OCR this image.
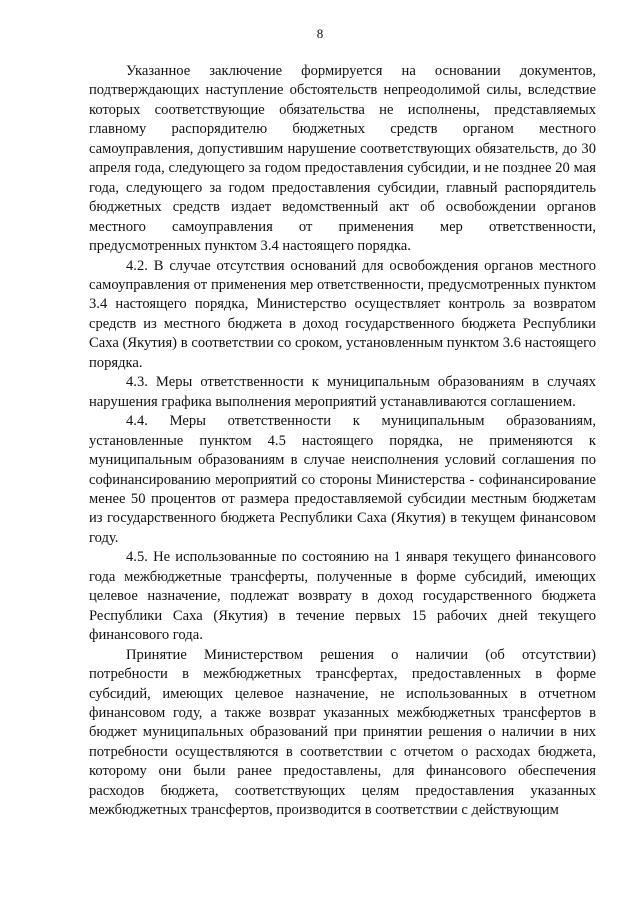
8

Указанное заключение формируется на основании документов, подтверждающих наступление обстоятельств непреодолимой силы, вследствие которых соответствующие обязательства не исполнены, представляемых главному распорядителю бюджетных средств органом местного самоуправления, допустившим нарушение соответствующих обязательств, до 30 апреля года, следующего за годом предоставления субсидии, и не позднее 20 мая года, следующего за годом предоставления субсидии, главный распорядитель бюджетных средств издает ведомственный акт об освобождении органов местного самоуправления от применения мер ответственности, предусмотренных пунктом 3.4 настоящего порядка.

4.2. В случае отсутствия оснований для освобождения органов местного самоуправления от применения мер ответственности, предусмотренных пунктом 3.4 настоящего порядка, Министерство осуществляет контроль за возвратом средств из местного бюджета в доход государственного бюджета Республики Саха (Якутия) в соответствии со сроком, установленным пунктом 3.6 настоящего порядка.

4.3. Меры ответственности к муниципальным образованиям в случаях нарушения графика выполнения мероприятий устанавливаются соглашением.

4.4. Меры ответственности к муниципальным образованиям, установленные пунктом 4.5 настоящего порядка, не применяются к муниципальным образованиям в случае неисполнения условий соглашения по софинансированию мероприятий со стороны Министерства - софинансирование менее 50 процентов от размера предоставляемой субсидии местным бюджетам из государственного бюджета Республики Саха (Якутия) в текущем финансовом году.

4.5. Не использованные по состоянию на 1 января текущего финансового года межбюджетные трансферты, полученные в форме субсидий, имеющих целевое назначение, подлежат возврату в доход государственного бюджета Республики Саха (Якутия) в течение первых 15 рабочих дней текущего финансового года.

Принятие Министерством решения о наличии (об отсутствии) потребности в межбюджетных трансфертах, предоставленных в форме субсидий, имеющих целевое назначение, не использованных в отчетном финансовом году, а также возврат указанных межбюджетных трансфертов в бюджет муниципальных образований при принятии решения о наличии в них потребности осуществляются в соответствии с отчетом о расходах бюджета, которому они были ранее предоставлены, для финансового обеспечения расходов бюджета, соответствующих целям предоставления указанных межбюджетных трансфертов, производится в соответствии с действующим
